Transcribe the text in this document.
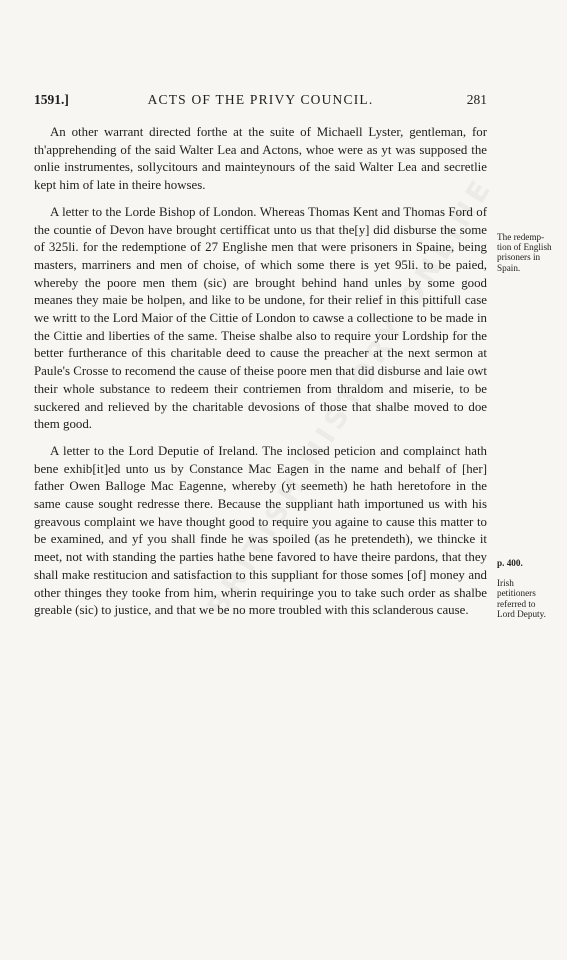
1591.]	ACTS OF THE PRIVY COUNCIL.	281

An other warrant directed forthe at the suite of Michaell Lyster, gentleman, for th'apprehending of the said Walter Lea and Actons, whoe were as yt was supposed the onlie instrumentes, sollycitours and mainteynours of the said Walter Lea and secretlie kept him of late in theire howses.

A letter to the Lorde Bishop of London. Whereas Thomas Kent and Thomas Ford of the countie of Devon have brought certifficat unto us that the[y] did disburse the some of 325li. for the redemptione of 27 Englishe men that were prisoners in Spaine, being masters, marriners and men of choise, of which some there is yet 95li. to be paied, whereby the poore men them (sic) are brought behind hand unles by some good meanes they maie be holpen, and like to be undone, for their relief in this pittifull case we writt to the Lord Maior of the Cittie of London to cawse a collectione to be made in the Cittie and liberties of the same. Theise shalbe also to require your Lordship for the better furtherance of this charitable deed to cause the preacher at the next sermon at Paule's Crosse to recomend the cause of theise poore men that did disburse and laie owt their whole substance to redeem their contriemen from thraldom and miserie, to be suckered and relieved by the charitable devosions of those that shalbe moved to doe them good.

A letter to the Lord Deputie of Ireland. The inclosed peticion and complainct hath bene exhib[it]ed unto us by Constance Mac Eagen in the name and behalf of [her] father Owen Balloge Mac Eagenne, whereby (yt seemeth) he hath heretofore in the same cause sought redresse there. Because the suppliant hath importuned us with his greavous complaint we have thought good to require you againe to cause this matter to be examined, and yf you shall finde he was spoiled (as he pretendeth), we thincke it meet, not with standing the parties hathe bene favored to have theire pardons, that they shall make restitucion and satisfaction to this suppliant for those somes [of] money and other thinges they tooke from him, wherin requiringe you to take such order as shalbe greable (sic) to justice, and that we be no more troubled with this sclanderous cause.

The redemp-
tion of English
prisoners in
Spain.
p. 400.
Irish
petitioners
referred to
Lord Deputy.
